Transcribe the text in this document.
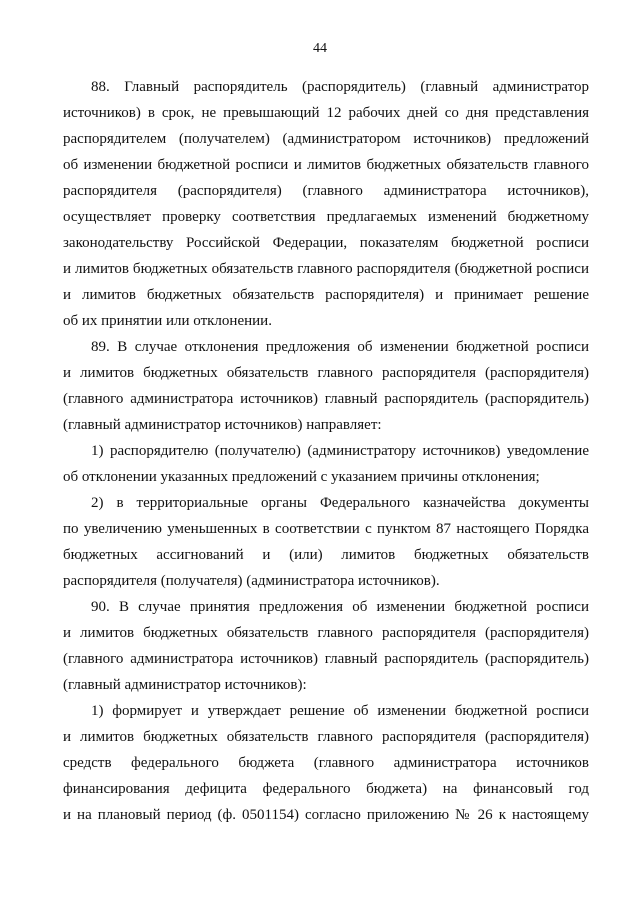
44
88. Главный распорядитель (распорядитель) (главный администратор
источников) в срок, не превышающий 12 рабочих дней со дня представления
распорядителем (получателем) (администратором источников) предложений
об изменении бюджетной росписи и лимитов бюджетных обязательств главного
распорядителя (распорядителя) (главного администратора источников),
осуществляет проверку соответствия предлагаемых изменений бюджетному
законодательству Российской Федерации, показателям бюджетной росписи
и лимитов бюджетных обязательств главного распорядителя (бюджетной росписи
и лимитов бюджетных обязательств распорядителя) и принимает решение
об их принятии или отклонении.
89. В случае отклонения предложения об изменении бюджетной росписи
и лимитов бюджетных обязательств главного распорядителя (распорядителя)
(главного администратора источников) главный распорядитель (распорядитель)
(главный администратор источников) направляет:
1) распорядителю (получателю) (администратору источников) уведомление
об отклонении указанных предложений с указанием причины отклонения;
2) в территориальные органы Федерального казначейства документы
по увеличению уменьшенных в соответствии с пунктом 87 настоящего Порядка
бюджетных ассигнований и (или) лимитов бюджетных обязательств
распорядителя (получателя) (администратора источников).
90. В случае принятия предложения об изменении бюджетной росписи
и лимитов бюджетных обязательств главного распорядителя (распорядителя)
(главного администратора источников) главный распорядитель (распорядитель)
(главный администратор источников):
1) формирует и утверждает решение об изменении бюджетной росписи
и лимитов бюджетных обязательств главного распорядителя (распорядителя)
средств федерального бюджета (главного администратора источников
финансирования дефицита федерального бюджета) на финансовый год
и на плановый период (ф. 0501154) согласно приложению № 26 к настоящему
